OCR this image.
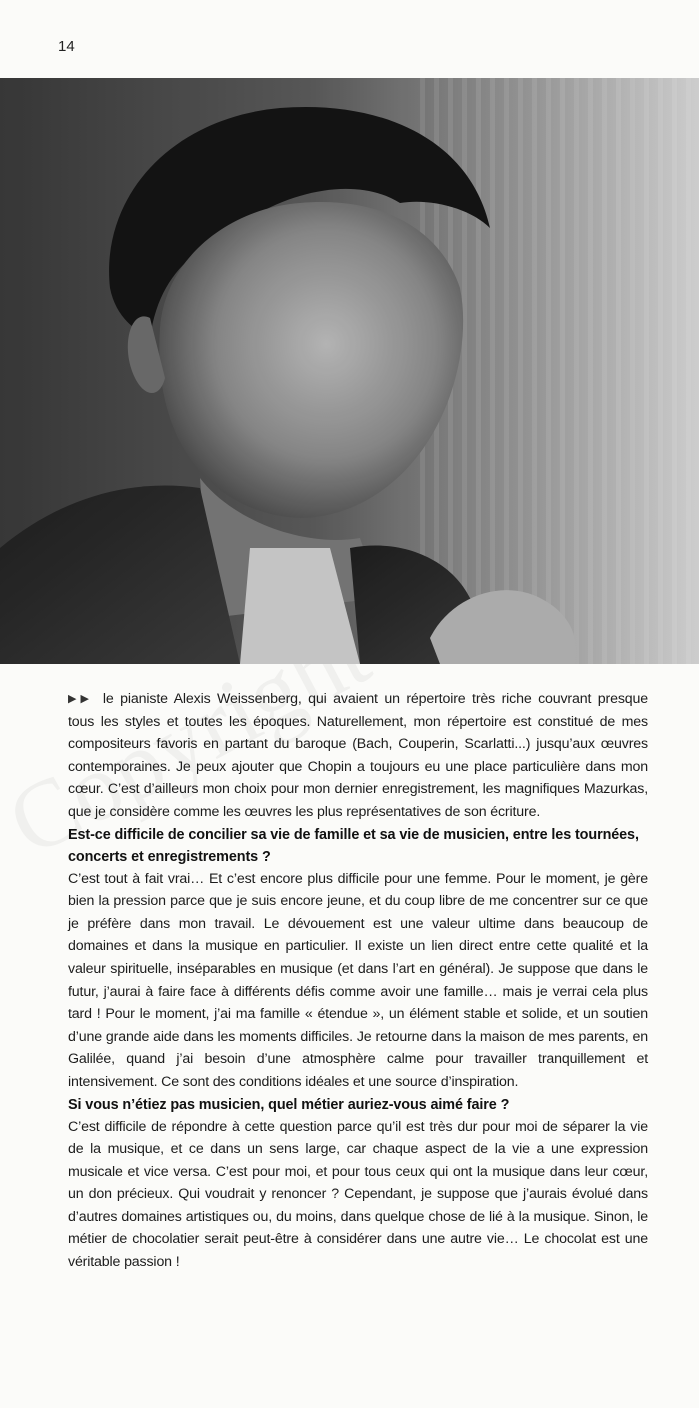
14

▶▶ le pianiste Alexis Weissenberg, qui avaient un répertoire très riche couvrant presque tous les styles et toutes les époques. Naturellement, mon répertoire est constitué de mes compositeurs favoris en partant du baroque (Bach, Couperin, Scarlatti...) jusqu’aux œuvres contemporaines. Je peux ajouter que Chopin a toujours eu une place particulière dans mon cœur. C’est d’ailleurs mon choix pour mon dernier enregistrement, les magnifiques Mazurkas, que je considère comme les œuvres les plus représentatives de son écriture.

Est-ce difficile de concilier sa vie de famille et sa vie de musicien, entre les tournées, concerts et enregistrements ?

C’est tout à fait vrai… Et c’est encore plus difficile pour une femme. Pour le moment, je gère bien la pression parce que je suis encore jeune, et du coup libre de me concentrer sur ce que je préfère dans mon travail. Le dévouement est une valeur ultime dans beaucoup de domaines et dans la musique en particulier. Il existe un lien direct entre cette qualité et la valeur spirituelle, inséparables en musique (et dans l’art en général). Je suppose que dans le futur, j’aurai à faire face à différents défis comme avoir une famille… mais je verrai cela plus tard ! Pour le moment, j’ai ma famille « étendue », un élément stable et solide, et un soutien d’une grande aide dans les moments difficiles. Je retourne dans la maison de mes parents, en Galilée, quand j’ai besoin d’une atmosphère calme pour travailler tranquillement et intensivement. Ce sont des conditions idéales et une source d’inspiration.

Si vous n’étiez pas musicien, quel métier auriez-vous aimé faire ?

C’est difficile de répondre à cette question parce qu’il est très dur pour moi de séparer la vie de la musique, et ce dans un sens large, car chaque aspect de la vie a une expression musicale et vice versa. C’est pour moi, et pour tous ceux qui ont la musique dans leur cœur, un don précieux. Qui voudrait y renoncer ? Cependant, je suppose que j’aurais évolué dans d’autres domaines artistiques ou, du moins, dans quelque chose de lié à la musique. Sinon, le métier de chocolatier serait peut-être à considérer dans une autre vie… Le chocolat est une véritable passion !
